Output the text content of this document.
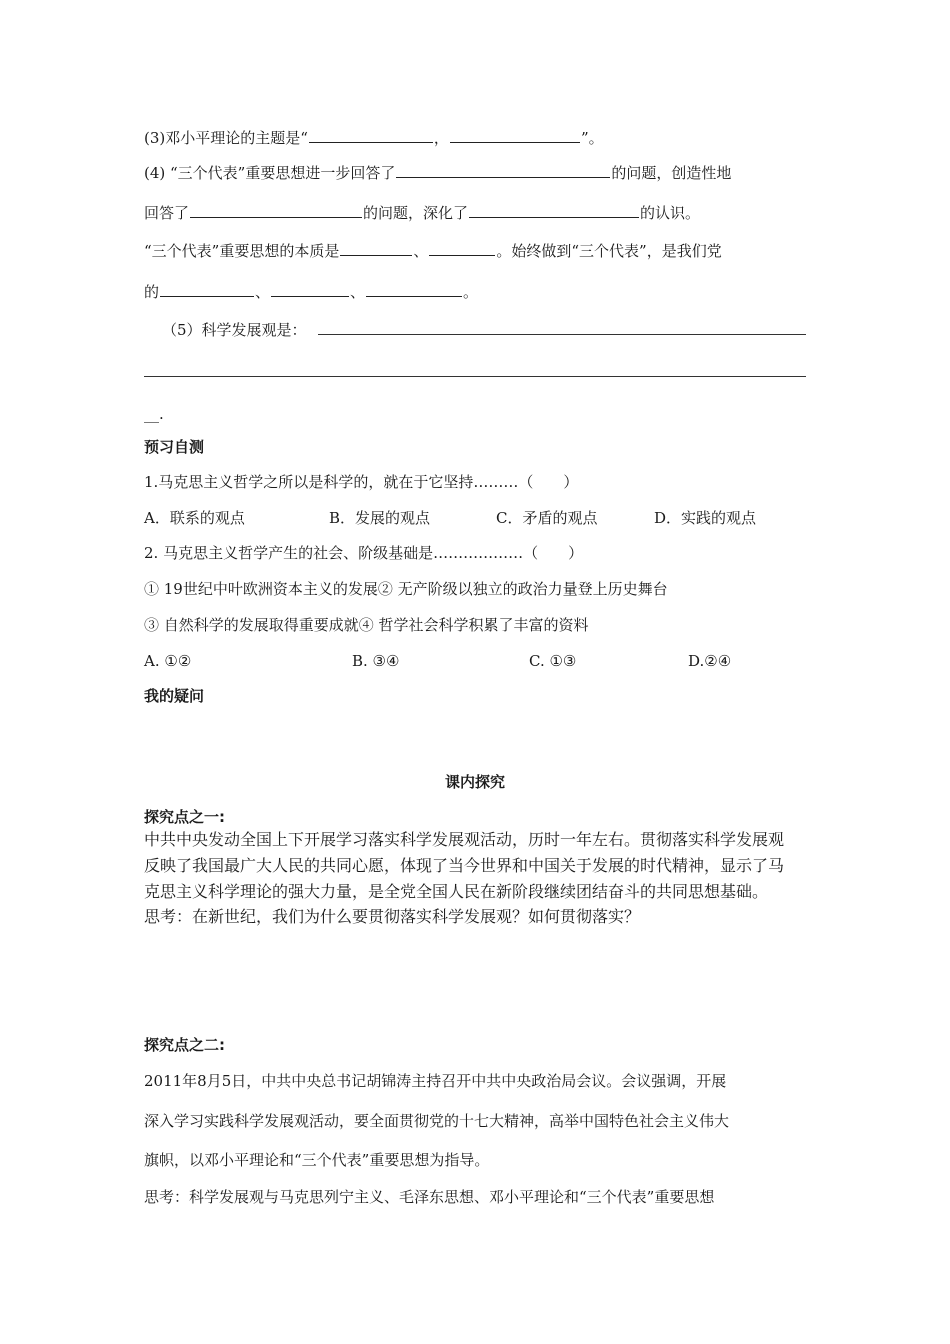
(3)邓小平理论的主题是“	，	”。
(4) “三个代表”重要思想进一步回答了	的问题，创造性地
回答了	的问题，深化了	的认识。
“三个代表”重要思想的本质是	、	。始终做到“三个代表”，是我们党
的	、	、	。
（5）科学发展观是：
__.
预习自测
1.马克思主义哲学之所以是科学的，就在于它坚持………（　　）
A．联系的观点	B．发展的观点	C．矛盾的观点	D．实践的观点
2. 马克思主义哲学产生的社会、阶级基础是………………（　　）
① 19世纪中叶欧洲资本主义的发展② 无产阶级以独立的政治力量登上历史舞台
③ 自然科学的发展取得重要成就④ 哲学社会科学积累了丰富的资料
A. ①②	B. ③④	C. ①③	D.②④
我的疑问
课内探究
探究点之一:
中共中央发动全国上下开展学习落实科学发展观活动，历时一年左右。贯彻落实科学发展观
反映了我国最广大人民的共同心愿，体现了当今世界和中国关于发展的时代精神，显示了马
克思主义科学理论的强大力量，是全党全国人民在新阶段继续团结奋斗的共同思想基础。
思考：在新世纪，我们为什么要贯彻落实科学发展观？如何贯彻落实？
探究点之二:
2011年8月5日，中共中央总书记胡锦涛主持召开中共中央政治局会议。会议强调，开展
深入学习实践科学发展观活动，要全面贯彻党的十七大精神，高举中国特色社会主义伟大
旗帜，以邓小平理论和“三个代表”重要思想为指导。
思考：科学发展观与马克思列宁主义、毛泽东思想、邓小平理论和“三个代表”重要思想
